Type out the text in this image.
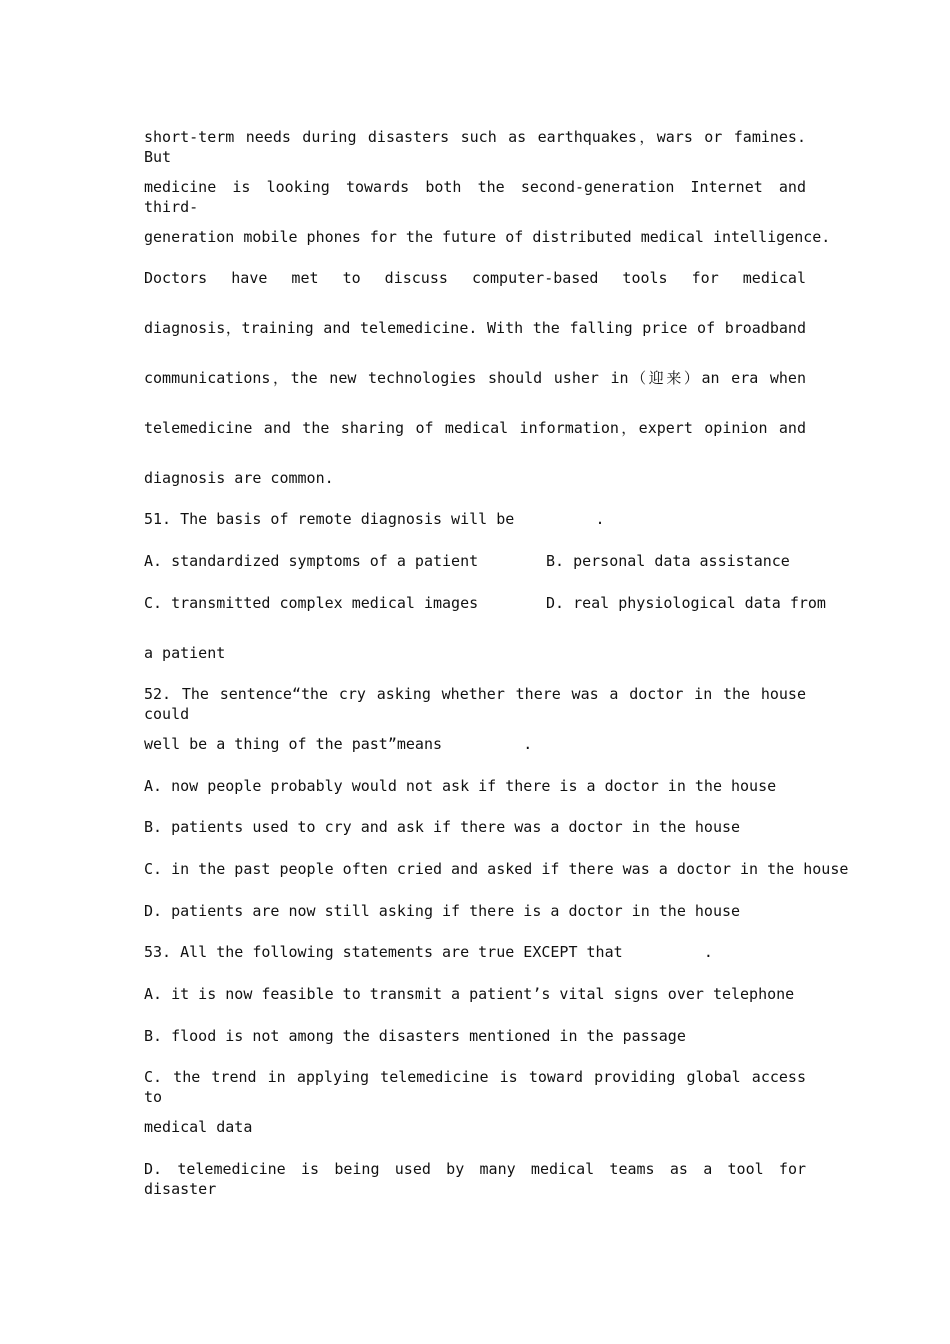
short-term needs during disasters such as earthquakes，wars or famines. But

medicine is looking towards both the second-generation Internet and third-

generation mobile phones for the future of distributed medical intelligence.

Doctors have met to discuss computer-based tools for medical

diagnosis，training and telemedicine. With the falling price of broadband

communications，the new technologies should usher in（迎来）an era when

telemedicine and the sharing of medical information，expert opinion and

diagnosis are common.

51. The basis of remote diagnosis will be         .

A. standardized symptoms of a patient	B. personal data assistance

C. transmitted complex medical images	D. real physiological data from

a patient

52. The sentence“the cry asking whether there was a doctor in the house could

well be a thing of the past”means         .

A. now people probably would not ask if there is a doctor in the house

B. patients used to cry and ask if there was a doctor in the house

C. in the past people often cried and asked if there was a doctor in the house

D. patients are now still asking if there is a doctor in the house

53. All the following statements are true EXCEPT that         .

A. it is now feasible to transmit a patient’s vital signs over telephone

B. flood is not among the disasters mentioned in the passage

C. the trend in applying telemedicine is toward providing global access to

medical data

D. telemedicine is being used by many medical teams as a tool for disaster
